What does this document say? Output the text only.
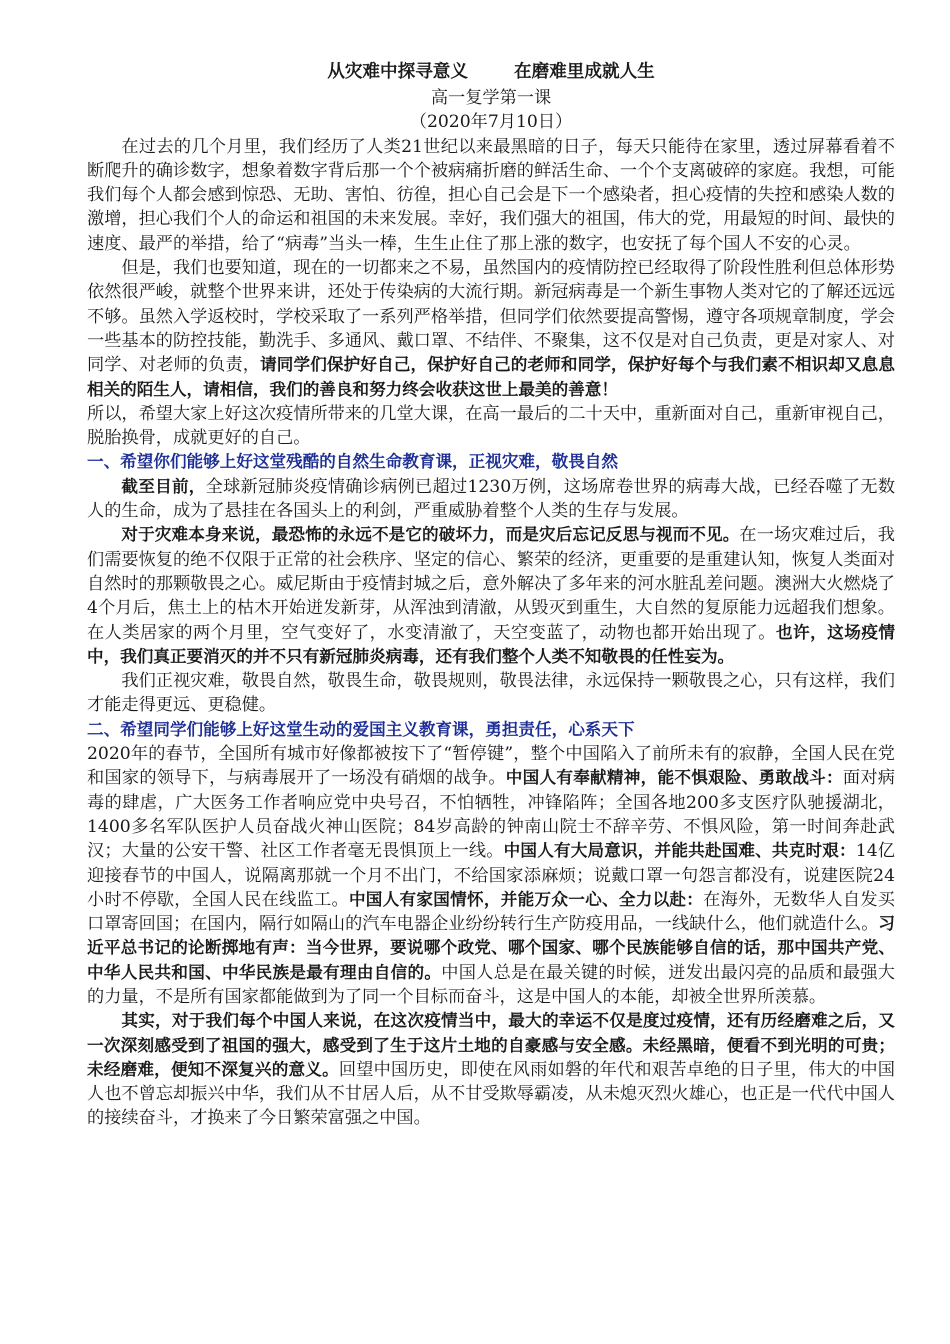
从灾难中探寻意义	在磨难里成就人生

高一复学第一课

（2020年7月10日）

在过去的几个月里，我们经历了人类21世纪以来最黑暗的日子，每天只能待在家里，透过屏幕看着不断爬升的确诊数字，想象着数字背后那一个个被病痛折磨的鲜活生命、一个个支离破碎的家庭。我想，可能我们每个人都会感到惊恐、无助、害怕、彷徨，担心自己会是下一个感染者，担心疫情的失控和感染人数的激增，担心我们个人的命运和祖国的未来发展。幸好，我们强大的祖国，伟大的党，用最短的时间、最快的速度、最严的举措，给了“病毒”当头一棒，生生止住了那上涨的数字，也安抚了每个国人不安的心灵。

但是，我们也要知道，现在的一切都来之不易，虽然国内的疫情防控已经取得了阶段性胜利但总体形势依然很严峻，就整个世界来讲，还处于传染病的大流行期。新冠病毒是一个新生事物人类对它的了解还远远不够。虽然入学返校时，学校采取了一系列严格举措，但同学们依然要提高警惕，遵守各项规章制度，学会一些基本的防控技能，勤洗手、多通风、戴口罩、不结伴、不聚集，这不仅是对自己负责，更是对家人、对同学、对老师的负责，请同学们保护好自己，保护好自己的老师和同学，保护好每个与我们素不相识却又息息相关的陌生人，请相信，我们的善良和努力终会收获这世上最美的善意！

所以，希望大家上好这次疫情所带来的几堂大课，在高一最后的二十天中，重新面对自己，重新审视自己，脱胎换骨，成就更好的自己。

一、希望你们能够上好这堂残酷的自然生命教育课，正视灾难，敬畏自然

截至目前，全球新冠肺炎疫情确诊病例已超过1230万例，这场席卷世界的病毒大战，已经吞噬了无数人的生命，成为了悬挂在各国头上的利剑，严重威胁着整个人类的生存与发展。

对于灾难本身来说，最恐怖的永远不是它的破坏力，而是灾后忘记反思与视而不见。在一场灾难过后，我们需要恢复的绝不仅限于正常的社会秩序、坚定的信心、繁荣的经济，更重要的是重建认知，恢复人类面对自然时的那颗敬畏之心。威尼斯由于疫情封城之后，意外解决了多年来的河水脏乱差问题。澳洲大火燃烧了4个月后，焦土上的枯木开始迸发新芽，从浑浊到清澈，从毁灭到重生，大自然的复原能力远超我们想象。在人类居家的两个月里，空气变好了，水变清澈了，天空变蓝了，动物也都开始出现了。也许，这场疫情中，我们真正要消灭的并不只有新冠肺炎病毒，还有我们整个人类不知敬畏的任性妄为。

我们正视灾难，敬畏自然，敬畏生命，敬畏规则，敬畏法律，永远保持一颗敬畏之心，只有这样，我们才能走得更远、更稳健。

二、希望同学们能够上好这堂生动的爱国主义教育课，勇担责任，心系天下

2020年的春节，全国所有城市好像都被按下了“暂停键”，整个中国陷入了前所未有的寂静，全国人民在党和国家的领导下，与病毒展开了一场没有硝烟的战争。中国人有奉献精神，能不惧艰险、勇敢战斗：面对病毒的肆虐，广大医务工作者响应党中央号召，不怕牺牲，冲锋陷阵；全国各地200多支医疗队驰援湖北，1400多名军队医护人员奋战火神山医院；84岁高龄的钟南山院士不辞辛劳、不惧风险，第一时间奔赴武汉；大量的公安干警、社区工作者毫无畏惧顶上一线。中国人有大局意识，并能共赴国难、共克时艰：14亿迎接春节的中国人，说隔离那就一个月不出门，不给国家添麻烦；说戴口罩一句怨言都没有，说建医院24小时不停歇，全国人民在线监工。中国人有家国情怀，并能万众一心、全力以赴：在海外，无数华人自发买口罩寄回国；在国内，隔行如隔山的汽车电器企业纷纷转行生产防疫用品，一线缺什么，他们就造什么。习近平总书记的论断掷地有声：当今世界，要说哪个政党、哪个国家、哪个民族能够自信的话，那中国共产党、中华人民共和国、中华民族是最有理由自信的。中国人总是在最关键的时候，迸发出最闪亮的品质和最强大的力量，不是所有国家都能做到为了同一个目标而奋斗，这是中国人的本能，却被全世界所羡慕。

其实，对于我们每个中国人来说，在这次疫情当中，最大的幸运不仅是度过疫情，还有历经磨难之后，又一次深刻感受到了祖国的强大，感受到了生于这片土地的自豪感与安全感。未经黑暗，便看不到光明的可贵；未经磨难，便知不深复兴的意义。回望中国历史，即使在风雨如磐的年代和艰苦卓绝的日子里，伟大的中国人也不曾忘却振兴中华，我们从不甘居人后，从不甘受欺辱霸凌，从未熄灭烈火雄心，也正是一代代中国人的接续奋斗，才换来了今日繁荣富强之中国。
